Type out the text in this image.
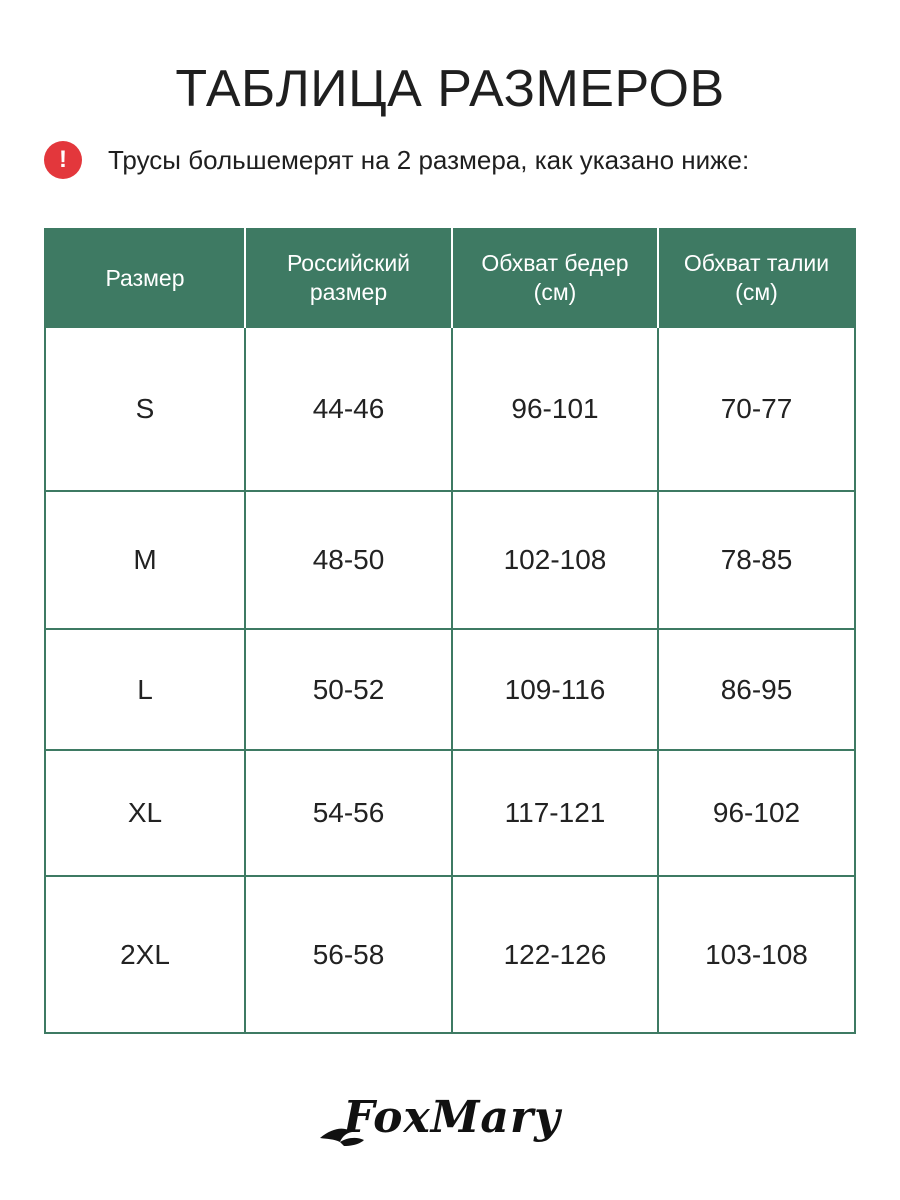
ТАБЛИЦА РАЗМЕРОВ
!	Трусы большемерят на 2 размера, как указано ниже:
Размер	Российский размер	Обхват бедер (см)	Обхват талии (см)
S	44-46	96-101	70-77
M	48-50	102-108	78-85
L	50-52	109-116	86-95
XL	54-56	117-121	96-102
2XL	56-58	122-126	103-108
FoxMary
